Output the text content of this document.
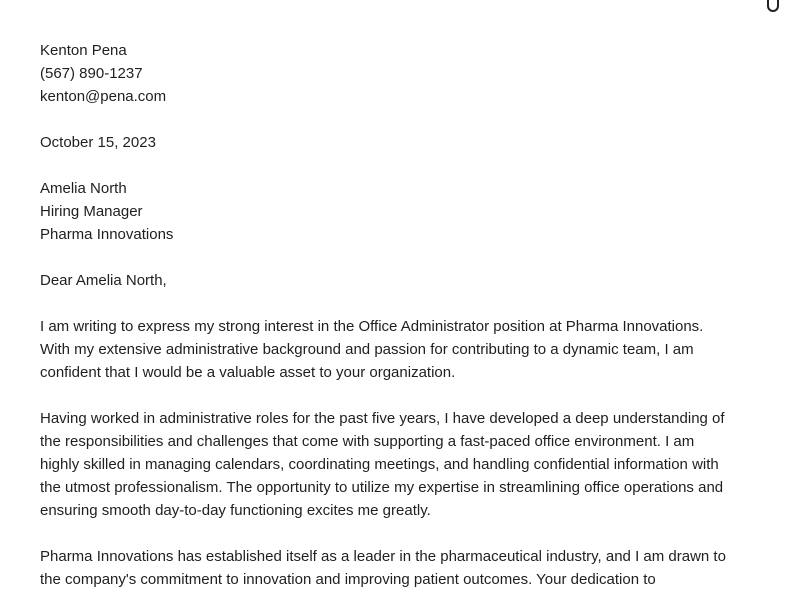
Kenton Pena
(567) 890-1237
kenton@pena.com
October 15, 2023
Amelia North
Hiring Manager
Pharma Innovations
Dear Amelia North,
I am writing to express my strong interest in the Office Administrator position at Pharma Innovations.
With my extensive administrative background and passion for contributing to a dynamic team, I am
confident that I would be a valuable asset to your organization.
Having worked in administrative roles for the past five years, I have developed a deep understanding of
the responsibilities and challenges that come with supporting a fast-paced office environment. I am
highly skilled in managing calendars, coordinating meetings, and handling confidential information with
the utmost professionalism. The opportunity to utilize my expertise in streamlining office operations and
ensuring smooth day-to-day functioning excites me greatly.
Pharma Innovations has established itself as a leader in the pharmaceutical industry, and I am drawn to
the company's commitment to innovation and improving patient outcomes. Your dedication to
